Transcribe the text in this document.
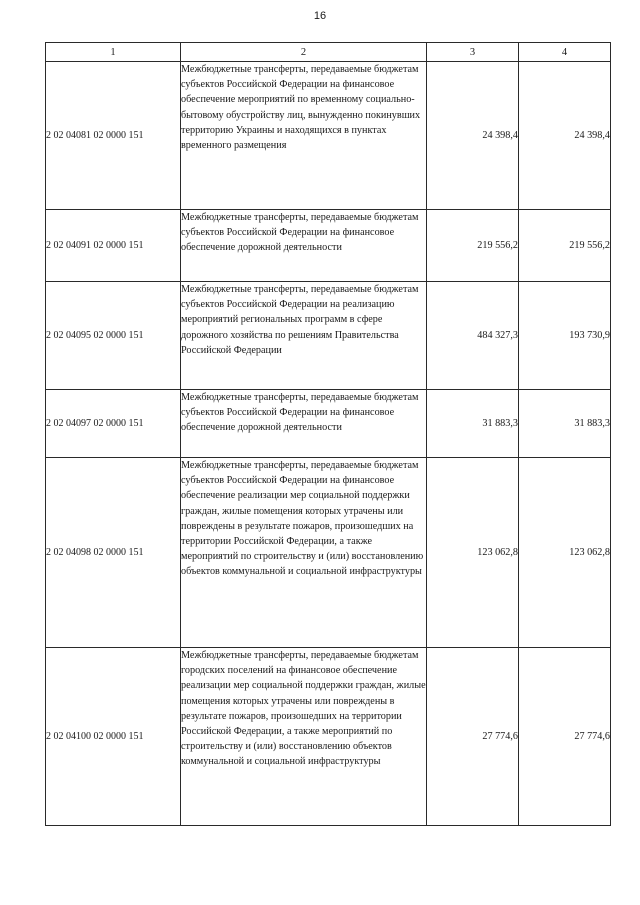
16
1	2	3	4
2 02 04081 02 0000 151	Межбюджетные трансферты, передаваемые бюджетам субъектов Российской Федерации на финансовое обеспечение мероприятий по временному социально-бытовому обустройству лиц, вынужденно покинувших территорию Украины и находящихся в пунктах временного размещения	24 398,4	24 398,4
2 02 04091 02 0000 151	Межбюджетные трансферты, передаваемые бюджетам субъектов Российской Федерации на финансовое обеспечение дорожной деятельности	219 556,2	219 556,2
2 02 04095 02 0000 151	Межбюджетные трансферты, передаваемые бюджетам субъектов Российской Федерации на реализацию мероприятий региональных программ в сфере дорожного хозяйства по решениям Правительства Российской Федерации	484 327,3	193 730,9
2 02 04097 02 0000 151	Межбюджетные трансферты, передаваемые бюджетам субъектов Российской Федерации на финансовое обеспечение дорожной деятельности	31 883,3	31 883,3
2 02 04098 02 0000 151	Межбюджетные трансферты, передаваемые бюджетам субъектов Российской Федерации на финансовое обеспечение реализации мер социальной поддержки граждан, жилые помещения которых утрачены или повреждены в результате пожаров, произошедших на территории Российской Федерации, а также мероприятий по строительству и (или) восстановлению объектов коммунальной и социальной инфраструктуры	123 062,8	123 062,8
2 02 04100 02 0000 151	Межбюджетные трансферты, передаваемые бюджетам городских поселений на финансовое обеспечение реализации мер социальной поддержки граждан, жилые помещения которых утрачены или повреждены в результате пожаров, произошедших на территории Российской Федерации, а также мероприятий по строительству и (или) восстановлению объектов коммунальной и социальной инфраструктуры	27 774,6	27 774,6
